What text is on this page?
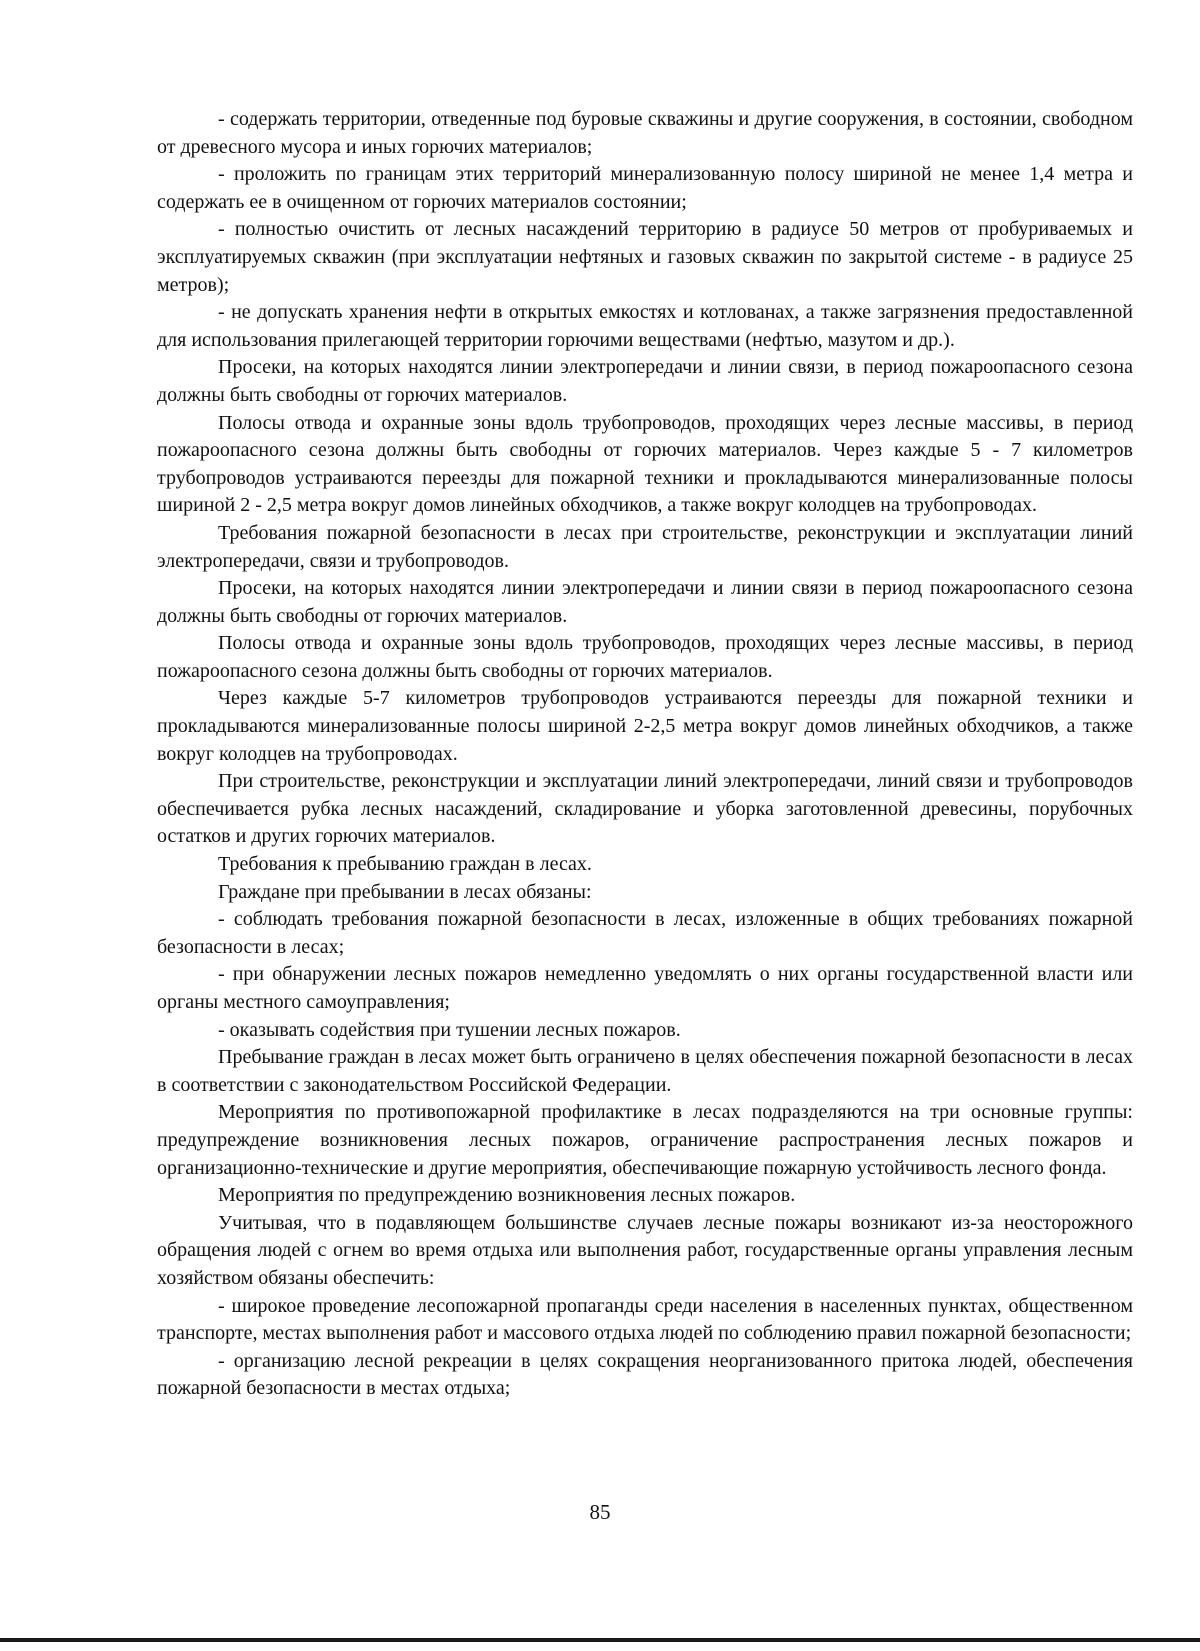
- содержать территории, отведенные под буровые скважины и другие сооружения, в состоянии, свободном от древесного мусора и иных горючих материалов;

- проложить по границам этих территорий минерализованную полосу шириной не менее 1,4 метра и содержать ее в очищенном от горючих материалов состоянии;

- полностью очистить от лесных насаждений территорию в радиусе 50 метров от пробуриваемых и эксплуатируемых скважин (при эксплуатации нефтяных и газовых скважин по закрытой системе - в радиусе 25 метров);

- не допускать хранения нефти в открытых емкостях и котлованах, а также загрязнения предоставленной для использования прилегающей территории горючими веществами (нефтью, мазутом и др.).

Просеки, на которых находятся линии электропередачи и линии связи, в период пожароопасного сезона должны быть свободны от горючих материалов.

Полосы отвода и охранные зоны вдоль трубопроводов, проходящих через лесные массивы, в период пожароопасного сезона должны быть свободны от горючих материалов. Через каждые 5 - 7 километров трубопроводов устраиваются переезды для пожарной техники и прокладываются минерализованные полосы шириной 2 - 2,5 метра вокруг домов линейных обходчиков, а также вокруг колодцев на трубопроводах.

Требования пожарной безопасности в лесах при строительстве, реконструкции и эксплуатации линий электропередачи, связи и трубопроводов.

Просеки, на которых находятся линии электропередачи и линии связи в период пожароопасного сезона должны быть свободны от горючих материалов.

Полосы отвода и охранные зоны вдоль трубопроводов, проходящих через лесные массивы, в период пожароопасного сезона должны быть свободны от горючих материалов.

Через каждые 5-7 километров трубопроводов устраиваются переезды для пожарной техники и прокладываются минерализованные полосы шириной 2-2,5 метра вокруг домов линейных обходчиков, а также вокруг колодцев на трубопроводах.

При строительстве, реконструкции и эксплуатации линий электропередачи, линий связи и трубопроводов обеспечивается рубка лесных насаждений, складирование и уборка заготовленной древесины, порубочных остатков и других горючих материалов.

Требования к пребыванию граждан в лесах.

Граждане при пребывании в лесах обязаны:

- соблюдать требования пожарной безопасности в лесах, изложенные в общих требованиях пожарной безопасности в лесах;

- при обнаружении лесных пожаров немедленно уведомлять о них органы государственной власти или органы местного самоуправления;

- оказывать содействия при тушении лесных пожаров.

Пребывание граждан в лесах может быть ограничено в целях обеспечения пожарной безопасности в лесах в соответствии с законодательством Российской Федерации.

Мероприятия по противопожарной профилактике в лесах подразделяются на три основные группы: предупреждение возникновения лесных пожаров, ограничение распространения лесных пожаров и организационно-технические и другие мероприятия, обеспечивающие пожарную устойчивость лесного фонда.

Мероприятия по предупреждению возникновения лесных пожаров.

Учитывая, что в подавляющем большинстве случаев лесные пожары возникают из-за неосторожного обращения людей с огнем во время отдыха или выполнения работ, государственные органы управления лесным хозяйством обязаны обеспечить:

- широкое проведение лесопожарной пропаганды среди населения в населенных пунктах, общественном транспорте, местах выполнения работ и массового отдыха людей по соблюдению правил пожарной безопасности;

- организацию лесной рекреации в целях сокращения неорганизованного притока людей, обеспечения пожарной безопасности в местах отдыха;

85
